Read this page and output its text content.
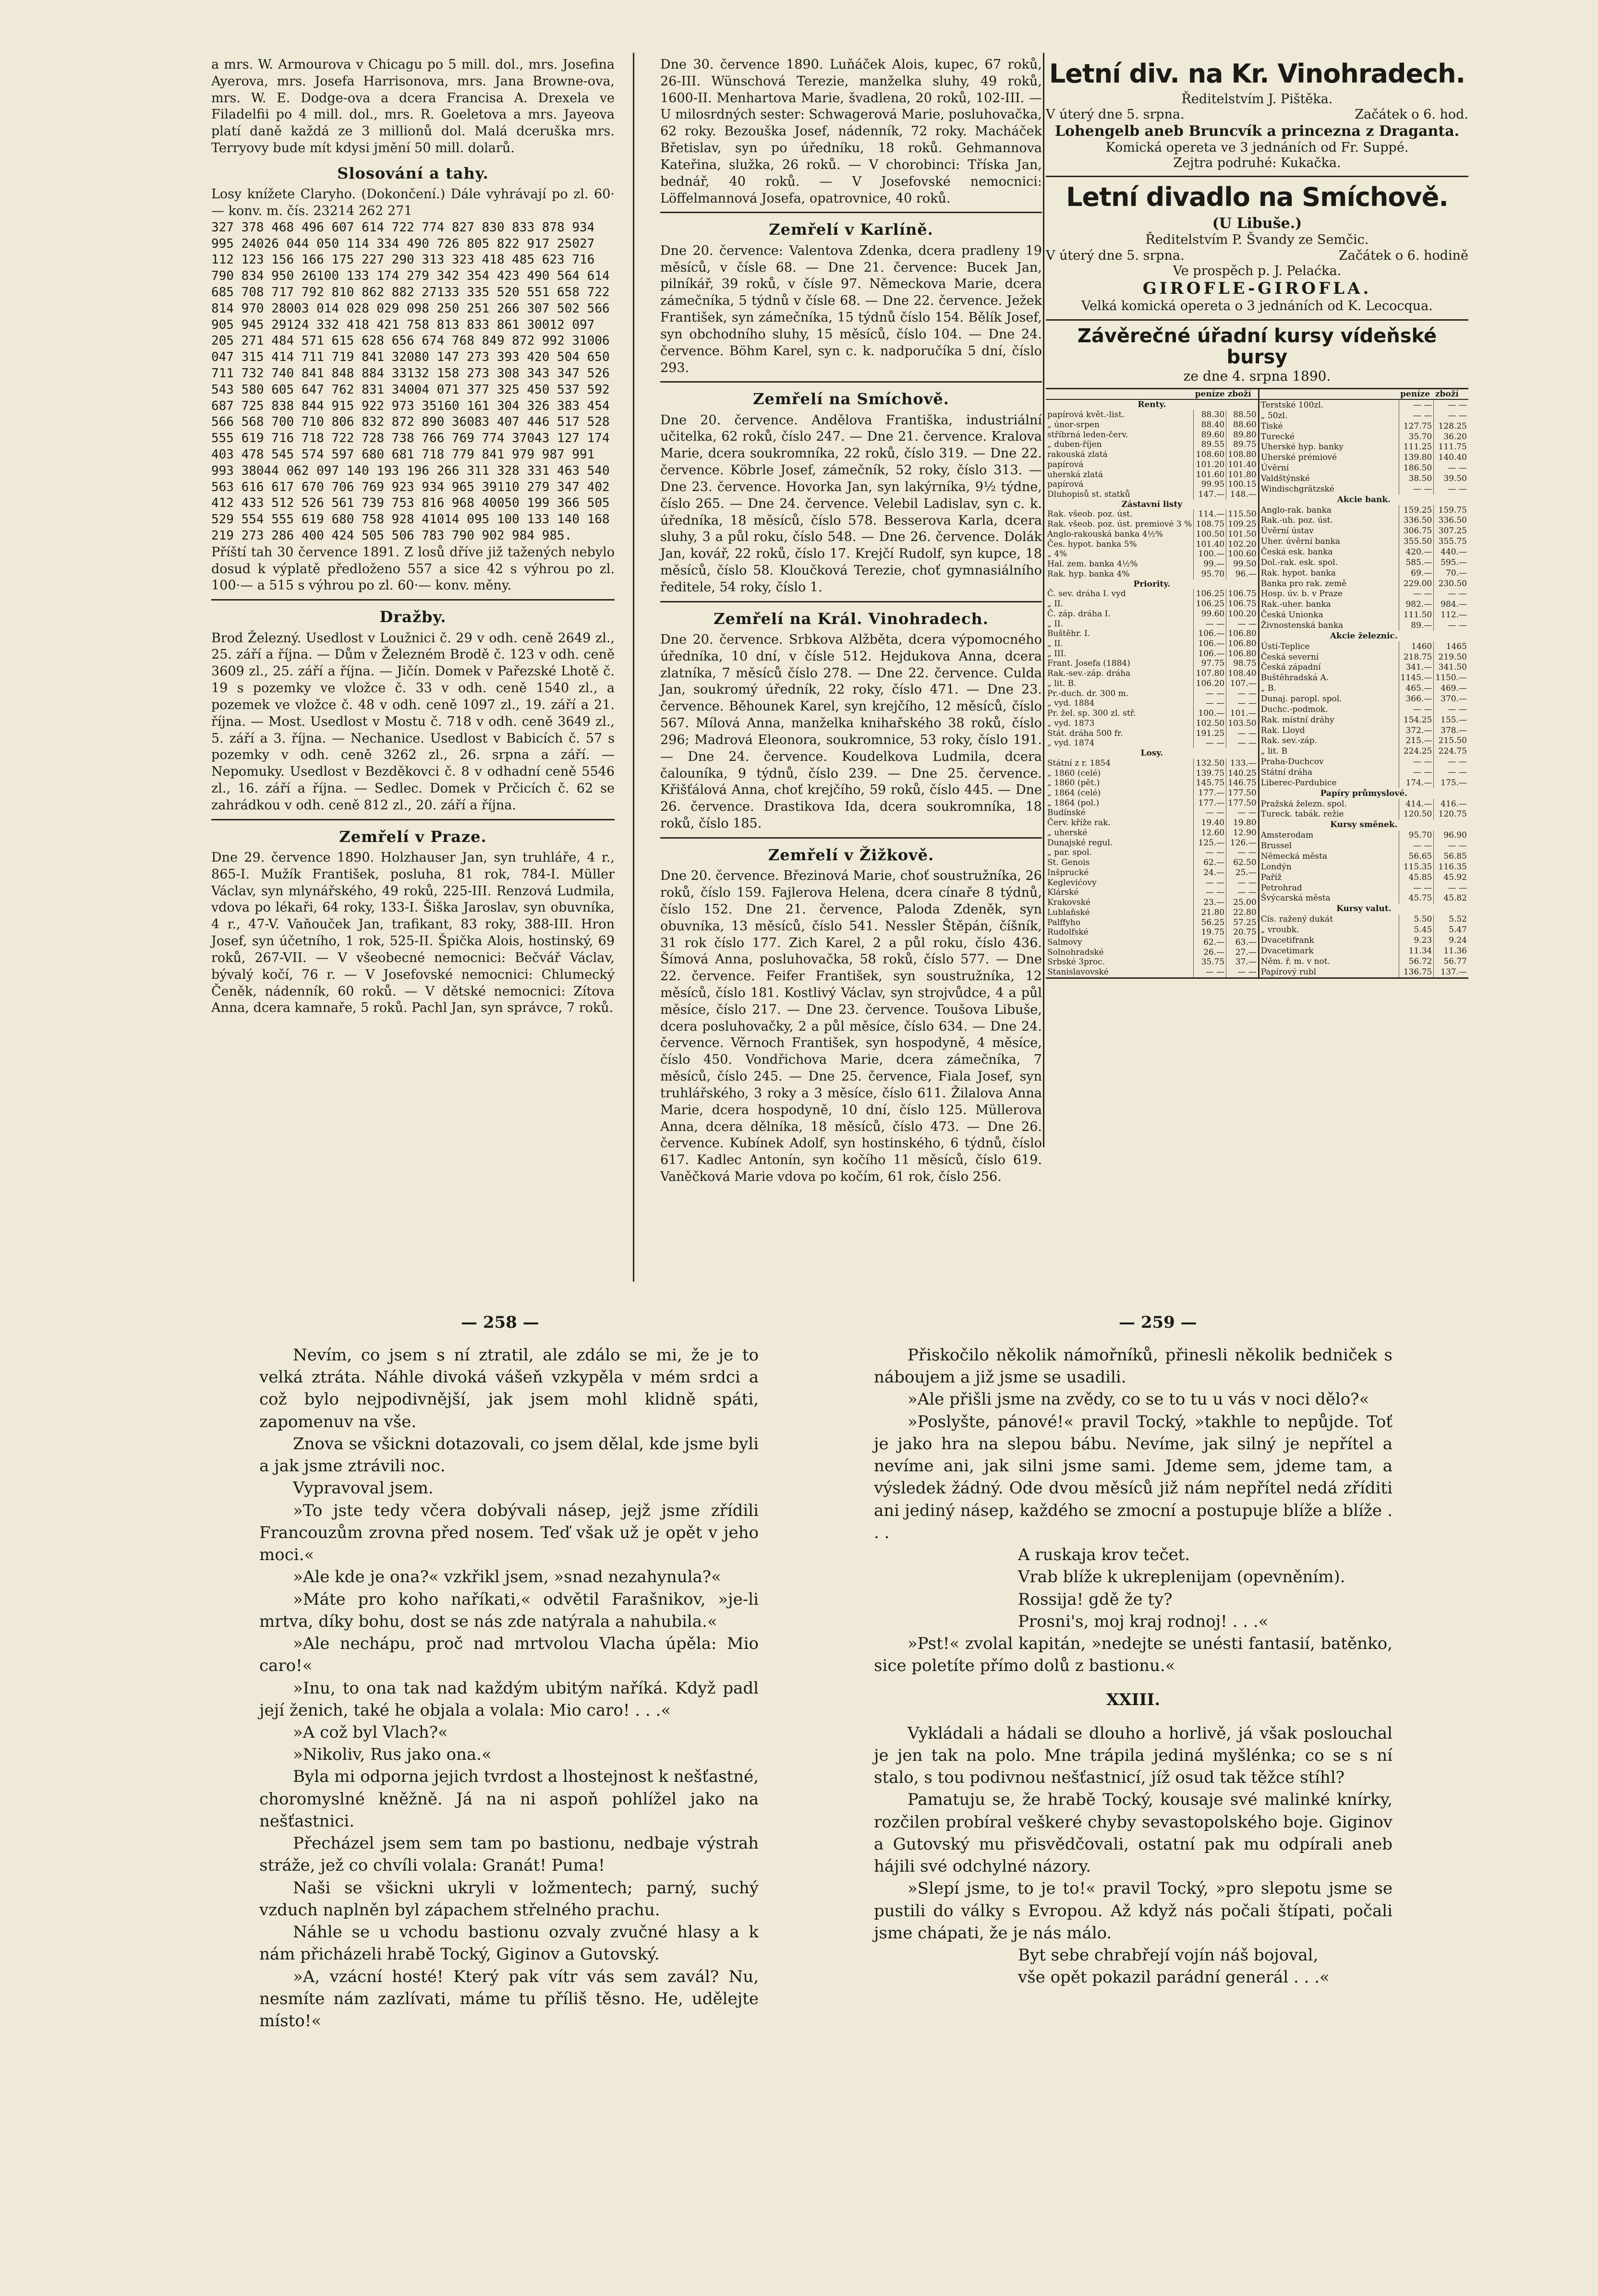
a mrs. W. Armourova v Chicagu po 5 mill. dol., mrs. Josefina Ayerova, mrs. Josefa Harrisonova, mrs. Jana Browne-ova, mrs. W. E. Dodge-ova a dcera Francisa A. Drexela ve Filadelfii po 4 mill. dol., mrs. R. Goeletova a mrs. Jayeova platí daně každá ze 3 millionů dol. Malá dceruška mrs. Terryovy bude mít kdysi jmění 50 mill. dolarů.

Slosování a tahy.

Losy knížete Claryho. (Dokončení.) Dále vyhrávají po zl. 60·— konv. m. čís. 23214 262 271

327 378 468 496 607 614 722 774 827 830 833 878 934 995 24026 044 050 114 334 490 726 805 822 917 25027 112 123 156 166 175 227 290 313 323 418 485 623 716 790 834 950 26100 133 174 279 342 354 423 490 564 614 685 708 717 792 810 862 882 27133 335 520 551 658 722 814 970 28003 014 028 029 098 250 251 266 307 502 566 905 945 29124 332 418 421 758 813 833 861 30012 097 205 271 484 571 615 628 656 674 768 849 872 992 31006 047 315 414 711 719 841 32080 147 273 393 420 504 650 711 732 740 841 848 884 33132 158 273 308 343 347 526 543 580 605 647 762 831 34004 071 377 325 450 537 592 687 725 838 844 915 922 973 35160 161 304 326 383 454 566 568 700 710 806 832 872 890 36083 407 446 517 528 555 619 716 718 722 728 738 766 769 774 37043 127 174 403 478 545 574 597 680 681 718 779 841 979 987 991 993 38044 062 097 140 193 196 266 311 328 331 463 540 563 616 617 670 706 769 923 934 965 39110 279 347 402 412 433 512 526 561 739 753 816 968 40050 199 366 505 529 554 555 619 680 758 928 41014 095 100 133 140 168 219 273 286 400 424 505 506 783 790 902 984 985.

Příští tah 30 července 1891. Z losů dříve již tažených nebylo dosud k výplatě předloženo 557 a sice 42 s výhrou po zl. 100·— a 515 s výhrou po zl. 60·— konv. měny.

Dražby.

Brod Železný. Usedlost v Loužnici č. 29 v odh. ceně 2649 zl., 25. září a října. — Dům v Železném Brodě č. 123 v odh. ceně 3609 zl., 25. září a října. — Jičín. Domek v Pařezské Lhotě č. 19 s pozemky ve vložce č. 33 v odh. ceně 1540 zl., a pozemek ve vložce č. 48 v odh. ceně 1097 zl., 19. září a 21. října. — Most. Usedlost v Mostu č. 718 v odh. ceně 3649 zl., 5. září a 3. října. — Nechanice. Usedlost v Babicích č. 57 s pozemky v odh. ceně 3262 zl., 26. srpna a září. — Nepomuky. Usedlost v Bezděkovci č. 8 v odhadní ceně 5546 zl., 16. září a října. — Sedlec. Domek v Prčicích č. 62 se zahrádkou v odh. ceně 812 zl., 20. září a října.

Zemřelí v Praze.

Dne 29. července 1890. Holzhauser Jan, syn truhláře, 4 r., 865-I. Mužík František, posluha, 81 rok, 784-I. Müller Václav, syn mlynářského, 49 roků, 225-III. Renzová Ludmila, vdova po lékaři, 64 roky, 133-I. Šiška Jaroslav, syn obuvníka, 4 r., 47-V. Vaňouček Jan, trafikant, 83 roky, 388-III. Hron Josef, syn účetního, 1 rok, 525-II. Špička Alois, hostinský, 69 roků, 267-VII. — V všeobecné nemocnici: Bečvář Václav, bývalý kočí, 76 r. — V Josefovské nemocnici: Chlumecký Čeněk, nádenník, 60 roků. — V dětské nemocnici: Zítova Anna, dcera kamnaře, 5 roků. Pachl Jan, syn správce, 7 roků.

Dne 30. července 1890. Luňáček Alois, kupec, 67 roků, 26-III. Wünschová Terezie, manželka sluhy, 49 roků, 1600-II. Menhartova Marie, švadlena, 20 roků, 102-III. — U milosrdných sester: Schwagerová Marie, posluhovačka, 62 roky. Bezouška Josef, nádenník, 72 roky. Macháček Břetislav, syn po úředníku, 18 roků. Gehmannova Kateřina, služka, 26 roků. — V chorobinci: Tříska Jan, bednář, 40 roků. — V Josefovské nemocnici: Löffelmannová Josefa, opatrovnice, 40 roků.

Zemřelí v Karlíně.

Dne 20. července: Valentova Zdenka, dcera pradleny 19 měsíců, v čísle 68. — Dne 21. července: Bucek Jan, pilníkář, 39 roků, v čísle 97. Německova Marie, dcera zámečníka, 5 týdnů v čísle 68. — Dne 22. července. Ježek František, syn zámečníka, 15 týdnů číslo 154. Bělík Josef, syn obchodního sluhy, 15 měsíců, číslo 104. — Dne 24. července. Böhm Karel, syn c. k. nadporučíka 5 dní, číslo 293.

Zemřelí na Smíchově.

Dne 20. července. Andělova Františka, industriální učitelka, 62 roků, číslo 247. — Dne 21. července. Kralova Marie, dcera soukromníka, 22 roků, číslo 319. — Dne 22. července. Köbrle Josef, zámečník, 52 roky, číslo 313. — Dne 23. července. Hovorka Jan, syn lakýrníka, 9½ týdne, číslo 265. — Dne 24. července. Velebil Ladislav, syn c. k. úředníka, 18 měsíců, číslo 578. Besserova Karla, dcera sluhy, 3 a půl roku, číslo 548. — Dne 26. července. Dolák Jan, kovář, 22 roků, číslo 17. Krejčí Rudolf, syn kupce, 18 měsíců, číslo 58. Kloučková Terezie, choť gymnasiálního ředitele, 54 roky, číslo 1.

Zemřelí na Král. Vinohradech.

Dne 20. července. Srbkova Alžběta, dcera výpomocného úředníka, 10 dní, v čísle 512. Hejdukova Anna, dcera zlatníka, 7 měsíců číslo 278. — Dne 22. července. Culda Jan, soukromý úředník, 22 roky, číslo 471. — Dne 23. července. Běhounek Karel, syn krejčího, 12 měsíců, číslo 567. Mílová Anna, manželka knihařského 38 roků, číslo 296; Madrová Eleonora, soukromnice, 53 roky, číslo 191. — Dne 24. července. Koudelkova Ludmila, dcera čalouníka, 9 týdnů, číslo 239. — Dne 25. července. Křišťálová Anna, choť krejčího, 59 roků, číslo 445. — Dne 26. července. Drastikova Ida, dcera soukromníka, 18 roků, číslo 185.

Zemřelí v Žižkově.

Dne 20. července. Březinová Marie, choť soustružníka, 26 roků, číslo 159. Fajlerova Helena, dcera cínaře 8 týdnů, číslo 152. Dne 21. července, Paloda Zdeněk, syn obuvníka, 13 měsíců, číslo 541. Nessler Štěpán, číšník, 31 rok číslo 177. Zich Karel, 2 a půl roku, číslo 436. Šímová Anna, posluhovačka, 58 roků, číslo 577. — Dne 22. července. Feifer František, syn soustružníka, 12 měsíců, číslo 181. Kostlivý Václav, syn strojvůdce, 4 a půl měsíce, číslo 217. — Dne 23. července. Toušova Libuše, dcera posluhovačky, 2 a půl měsíce, číslo 634. — Dne 24. července. Věrnoch František, syn hospodyně, 4 měsíce, číslo 450. Vondřichova Marie, dcera zámečníka, 7 měsíců, číslo 245. — Dne 25. července, Fiala Josef, syn truhlářského, 3 roky a 3 měsíce, číslo 611. Žilalova Anna Marie, dcera hospodyně, 10 dní, číslo 125. Müllerova Anna, dcera dělníka, 18 měsíců, číslo 473. — Dne 26. července. Kubínek Adolf, syn hostinského, 6 týdnů, číslo 617. Kadlec Antonín, syn kočího 11 měsíců, číslo 619. Vaněčková Marie vdova po kočím, 61 rok, číslo 256.

Letní div. na Kr. Vinohradech.
Ředitelstvím J. Pištěka.
V úterý dne 5. srpna.	Začátek o 6. hod.
Lohengelb aneb Bruncvík a princezna z Draganta.
Komická opereta ve 3 jednáních od Fr. Suppé.
Zejtra podruhé: Kukačka.
Letní divadlo na Smíchově.
(U Libuše.)
Ředitelstvím P. Švandy ze Semčic.
V úterý dne 5. srpna.	Začátek o 6. hodině
Ve prospěch p. J. Pelaćka.
GIROFLE-GIROFLA.
Velká komická opereta o 3 jednáních od K. Lecocqua.
Závěrečné úřadní kursy vídeňské bursy
ze dne 4. srpna 1890.
	peníze	zboží
Renty.		
papírová květ.-list.	88.30	88.50
„ únor-srpen	88.40	88.60
stříbrná leden-červ.	89.60	89.80
„ duben-říjen	89.55	89.75
rakouská zlatá	108.60	108.80
papírová	101.20	101.40
uherská zlatá	101.60	101.80
papírová	99.95	100.15
Dluhopisů st. statků	147.—	148.—
Zástavní listy		
Rak. všeob. poz. úst.	114.—	115.50
Rak. všeob. poz. úst. premiové 3 %	108.75	109.25
Anglo-rakouská banka 4½%	100.50	101.50
Čes. hypot. banka 5%	101.40	102.20
„ 4%	100.—	100.60
Hal. zem. banka 4½%	99.—	99.50
Rak. hyp. banka 4%	95.70	96.—
Priority.		
Č. sev. dráha I. vyd	106.25	106.75
„ II.	106.25	106.75
Č. záp. dráha I.	99.60	100.20
„ II.	— —	— —
Buštěhr. I.	106.—	106.80
„ II.	106.—	106.80
„ III.	106.—	106.80
Frant. Josefa (1884)	97.75	98.75
Rak.-sev.-záp. dráha	107.80	108.40
„ lit. B.	106.20	107.—
Pr.-duch. dr. 300 m.	— —	— —
„ vyd. 1884	— —	— —
Pr. žel. sp. 300 zl. stř.	100.—	101.—
„ vyd. 1873	102.50	103.50
Stát. dráha 500 fr.	191.25	— —
„ vyd. 1874	— —	— —
Losy.		
Státní z r. 1854	132.50	133.—
„ 1860 (celé)	139.75	140.25
„ 1860 (pět.)	145.75	146.75
„ 1864 (celé)	177.—	177.50
„ 1864 (pol.)	177.—	177.50
Budínské	— —	— —
Červ. kříže rak.	19.40	19.80
„ uherské	12.60	12.90
Dunajské regul.	125.—	126.—
„ par. spol.	— —	— —
St. Genois	62.—	62.50
Inšprucké	24.—	25.—
Keglevićovy	— —	— —
Klárské	— —	— —
Krakovské	23.—	25.00
Lublaňské	21.80	22.80
Palffyho	56.25	57.25
Rudolfské	19.75	20.75
Salmovy	62.—	63.—
Solnohradské	26.—	27.—
Srbské 3proc.	35.75	37.—
Stanislavovské	— —	— —
	peníze	zboží
Terstské 100zl.	— —	— —
„ 50zl.	— —	— —
Tiské	127.75	128.25
Turecké	35.70	36.20
Uherské hyp. banky	111.25	111.75
Uherské prémiové	139.80	140.40
Úvěrní	186.50	— —
Valdštýnské	38.50	39.50
Windischgrätzské	— —	— —
Akcie bank.		
Anglo-rak. banka	159.25	159.75
Rak.-uh. poz. úst.	336.50	336.50
Úvěrní ústav	306.75	307.25
Uher. úvěrní banka	355.50	355.75
Česká esk. banka	420.—	440.—
Dol.-rak. esk. spol.	585.—	595.—
Rak. hypot. banka	69.—	70.—
Banka pro rak. země	229.00	230.50
Hosp. úv. b. v Praze	— —	— —
Rak.-uher. banka	982.—	984.—
Česká Unionka	111.50	112.—
Živnostenská banka	89.—	— —
Akcie železnic.		
Ústí-Teplice	1460	1465
Česká severní	218.75	219.50
Česká západní	341.—	341.50
Buštěhradská A.	1145.—	1150.—
„ B.	465.—	469.—
Dunaj. paropl. spol.	366.—	370.—
Duchc.-podmok.	— —	— —
Rak. místní dráhy	154.25	155.—
Rak. Lloyd	372.—	378.—
Rak. sev.-záp.	215.—	215.50
„ lit. B	224.25	224.75
Praha-Duchcov	— —	— —
Státní dráha	— —	— —
Liberec-Pardubice	174.—	175.—
Papíry průmyslové.		
Pražská železn. spol.	414.—	416.—
Tureck. tabák. režie	120.50	120.75
Kursy směnek.		
Amsterodam	95.70	96.90
Brussel	— —	— —
Německá města	56.65	56.85
Londýn	115.35	116.35
Paříž	45.85	45.92
Petrohrad	— —	— —
Švýcarská města	45.75	45.82
Kursy valut.		
Cís. ražený dukát	5.50	5.52
„ vroubk.	5.45	5.47
Dvacetifrank	9.23	9.24
Dvacetimark	11.34	11.36
Něm. ř. m. v not.	56.72	56.77
Papírový rubl	136.75	137.—
— 258 —	— 259 —

Nevím, co jsem s ní ztratil, ale zdálo se mi, že je to velká ztráta. Náhle divoká vášeň vzkypěla v mém srdci a což bylo nejpodivnější, jak jsem mohl klidně spáti, zapomenuv na vše.

Znova se všickni dotazovali, co jsem dělal, kde jsme byli a jak jsme ztrávili noc.

Vypravoval jsem.

»To jste tedy včera dobývali násep, jejž jsme zřídili Francouzům zrovna před nosem. Teď však už je opět v jeho moci.«

»Ale kde je ona?« vzkřikl jsem, »snad nezahynula?«

»Máte pro koho naříkati,« odvětil Farašnikov, »je-li mrtva, díky bohu, dost se nás zde natýrala a nahubila.«

»Ale nechápu, proč nad mrtvolou Vlacha úpěla: Mio caro!«

»Inu, to ona tak nad každým ubitým naříká. Když padl její ženich, také he objala a volala: Mio caro! . . .«

»A což byl Vlach?«

»Nikoliv, Rus jako ona.«

Byla mi odporna jejich tvrdost a lhostejnost k nešťastné, choromyslné kněžně. Já na ni aspoň pohlížel jako na nešťastnici.

Přecházel jsem sem tam po bastionu, nedbaje výstrah stráže, jež co chvíli volala: Granát! Puma!

Naši se všickni ukryli v ložmentech; parný, suchý vzduch naplněn byl zápachem střelného prachu.

Náhle se u vchodu bastionu ozvaly zvučné hlasy a k nám přicházeli hrabě Tocký, Giginov a Gutovský.

»A, vzácní hosté! Který pak vítr vás sem zavál? Nu, nesmíte nám zazlívati, máme tu příliš těsno. He, udělejte místo!«

Přiskočilo několik námořníků, přinesli několik bedniček s náboujem a již jsme se usadili.

»Ale přišli jsme na zvědy, co se to tu u vás v noci dělo?«

»Poslyšte, pánové!« pravil Tocký, »takhle to nepůjde. Toť je jako hra na slepou bábu. Nevíme, jak silný je nepřítel a nevíme ani, jak silni jsme sami. Jdeme sem, jdeme tam, a výsledek žádný. Ode dvou měsíců již nám nepřítel nedá zříditi ani jediný násep, každého se zmocní a postupuje blíže a blíže . . .

A ruskaja krov tečet.

Vrab blíže k ukreplenijam (opevněním).

Rossija! gdě že ty?

Prosni's, moj kraj rodnoj! . . .«

»Pst!« zvolal kapitán, »nedejte se unésti fantasií, batěnko, sice poletíte přímo dolů z bastionu.«

XXIII.

Vykládali a hádali se dlouho a horlivě, já však poslouchal je jen tak na polo. Mne trápila jediná myšlénka; co se s ní stalo, s tou podivnou nešťastnicí, jíž osud tak těžce stíhl?

Pamatuju se, že hrabě Tocký, kousaje své malinké knírky, rozčilen probíral veškeré chyby sevastopolského boje. Giginov a Gutovský mu přisvědčovali, ostatní pak mu odpírali aneb hájili své odchylné názory.

»Slepí jsme, to je to!« pravil Tocký, »pro slepotu jsme se pustili do války s Evropou. Až když nás počali štípati, počali jsme chápati, že je nás málo.

Byt sebe chrabřejí vojín náš bojoval,

vše opět pokazil parádní generál . . .«
